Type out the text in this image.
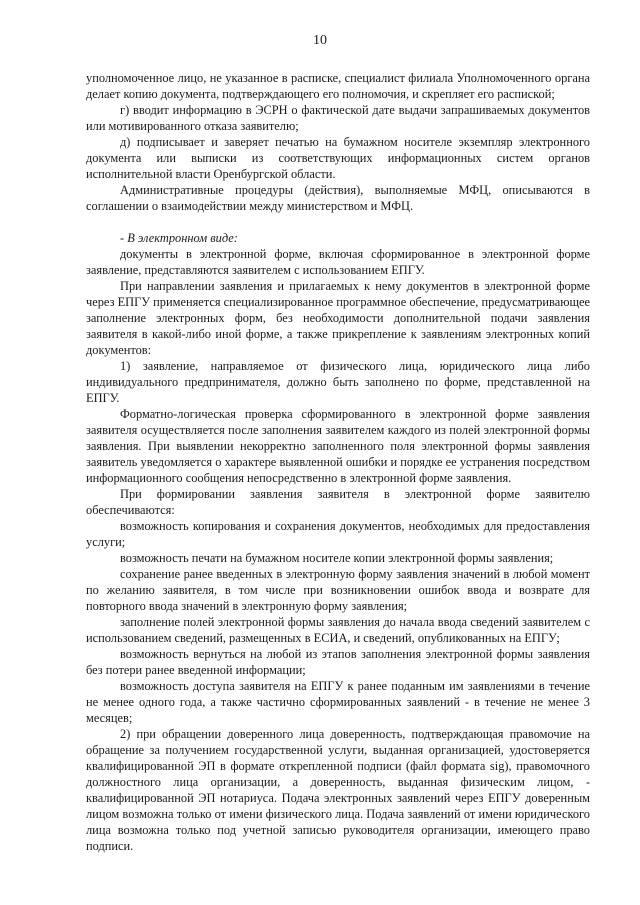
10

уполномоченное лицо, не указанное в расписке, специалист филиала Уполномоченного органа делает копию документа, подтверждающего его полномочия, и скрепляет его распиской;

г) вводит информацию в ЭСРН о фактической дате выдачи запрашиваемых документов или мотивированного отказа заявителю;

д) подписывает и заверяет печатью на бумажном носителе экземпляр электронного документа или выписки из соответствующих информационных систем органов исполнительной власти Оренбургской области.

Административные процедуры (действия), выполняемые МФЦ, описываются в соглашении о взаимодействии между министерством и МФЦ.

- В электронном виде:

документы в электронной форме, включая сформированное в электронной форме заявление, представляются заявителем с использованием ЕПГУ.

При направлении заявления и прилагаемых к нему документов в электронной форме через ЕПГУ применяется специализированное программное обеспечение, предусматривающее заполнение электронных форм, без необходимости дополнительной подачи заявления заявителя в какой-либо иной форме, а также прикрепление к заявлениям электронных копий документов:

1) заявление, направляемое от физического лица, юридического лица либо индивидуального предпринимателя, должно быть заполнено по форме, представленной на ЕПГУ.

Форматно-логическая проверка сформированного в электронной форме заявления заявителя осуществляется после заполнения заявителем каждого из полей электронной формы заявления. При выявлении некорректно заполненного поля электронной формы заявления заявитель уведомляется о характере выявленной ошибки и порядке ее устранения посредством информационного сообщения непосредственно в электронной форме заявления.

При формировании заявления заявителя в электронной форме заявителю обеспечиваются:

возможность копирования и сохранения документов, необходимых для предоставления услуги;

возможность печати на бумажном носителе копии электронной формы заявления;

сохранение ранее введенных в электронную форму заявления значений в любой момент по желанию заявителя, в том числе при возникновении ошибок ввода и возврате для повторного ввода значений в электронную форму заявления;

заполнение полей электронной формы заявления до начала ввода сведений заявителем с использованием сведений, размещенных в ЕСИА, и сведений, опубликованных на ЕПГУ;

возможность вернуться на любой из этапов заполнения электронной формы заявления без потери ранее введенной информации;

возможность доступа заявителя на ЕПГУ к ранее поданным им заявлениями в течение не менее одного года, а также частично сформированных заявлений - в течение не менее 3 месяцев;

2) при обращении доверенного лица доверенность, подтверждающая правомочие на обращение за получением государственной услуги, выданная организацией, удостоверяется квалифицированной ЭП в формате открепленной подписи (файл формата sig), правомочного должностного лица организации, а доверенность, выданная физическим лицом, - квалифицированной ЭП нотариуса. Подача электронных заявлений через ЕПГУ доверенным лицом возможна только от имени физического лица. Подача заявлений от имени юридического лица возможна только под учетной записью руководителя организации, имеющего право подписи.
